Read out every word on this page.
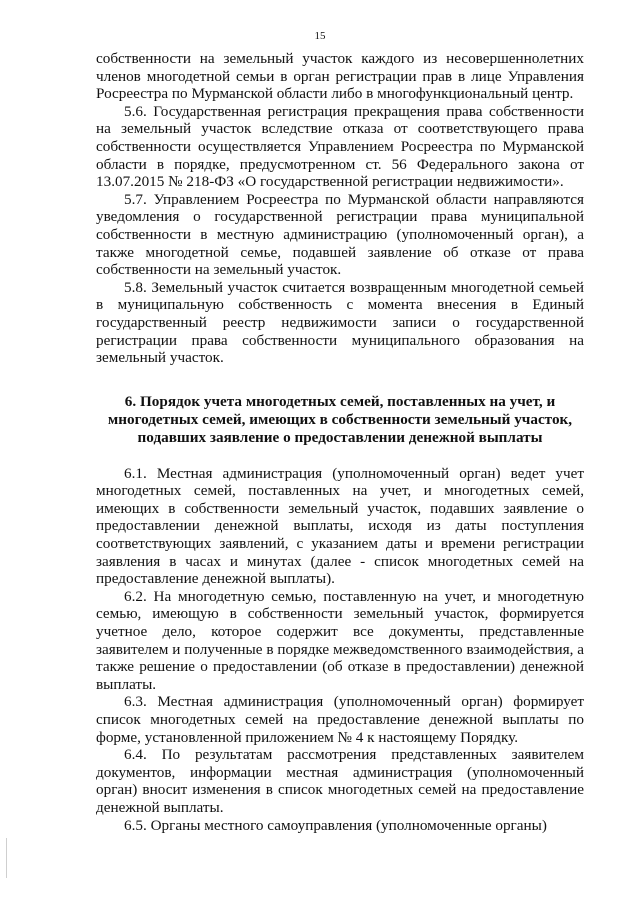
15

собственности на земельный участок каждого из несовершеннолетних членов многодетной семьи в орган регистрации прав в лице Управления Росреестра по Мурманской области либо в многофункциональный центр.

5.6. Государственная регистрация прекращения права собственности на земельный участок вследствие отказа от соответствующего права собственности осуществляется Управлением Росреестра по Мурманской области в порядке, предусмотренном ст. 56 Федерального закона от 13.07.2015 № 218-ФЗ «О государственной регистрации недвижимости».

5.7. Управлением Росреестра по Мурманской области направляются уведомления о государственной регистрации права муниципальной собственности в местную администрацию (уполномоченный орган), а также многодетной семье, подавшей заявление об отказе от права собственности на земельный участок.

5.8. Земельный участок считается возвращенным многодетной семьей в муниципальную собственность с момента внесения в Единый государственный реестр недвижимости записи о государственной регистрации права собственности муниципального образования на земельный участок.

6. Порядок учета многодетных семей, поставленных на учет, и многодетных семей, имеющих в собственности земельный участок, подавших заявление о предоставлении денежной выплаты

6.1. Местная администрация (уполномоченный орган) ведет учет многодетных семей, поставленных на учет, и многодетных семей, имеющих в собственности земельный участок, подавших заявление о предоставлении денежной выплаты, исходя из даты поступления соответствующих заявлений, с указанием даты и времени регистрации заявления в часах и минутах (далее - список многодетных семей на предоставление денежной выплаты).

6.2. На многодетную семью, поставленную на учет, и многодетную семью, имеющую в собственности земельный участок, формируется учетное дело, которое содержит все документы, представленные заявителем и полученные в порядке межведомственного взаимодействия, а также решение о предоставлении (об отказе в предоставлении) денежной выплаты.

6.3. Местная администрация (уполномоченный орган) формирует список многодетных семей на предоставление денежной выплаты по форме, установленной приложением № 4 к настоящему Порядку.

6.4. По результатам рассмотрения представленных заявителем документов, информации местная администрация (уполномоченный орган) вносит изменения в список многодетных семей на предоставление денежной выплаты.

6.5. Органы местного самоуправления (уполномоченные органы)
